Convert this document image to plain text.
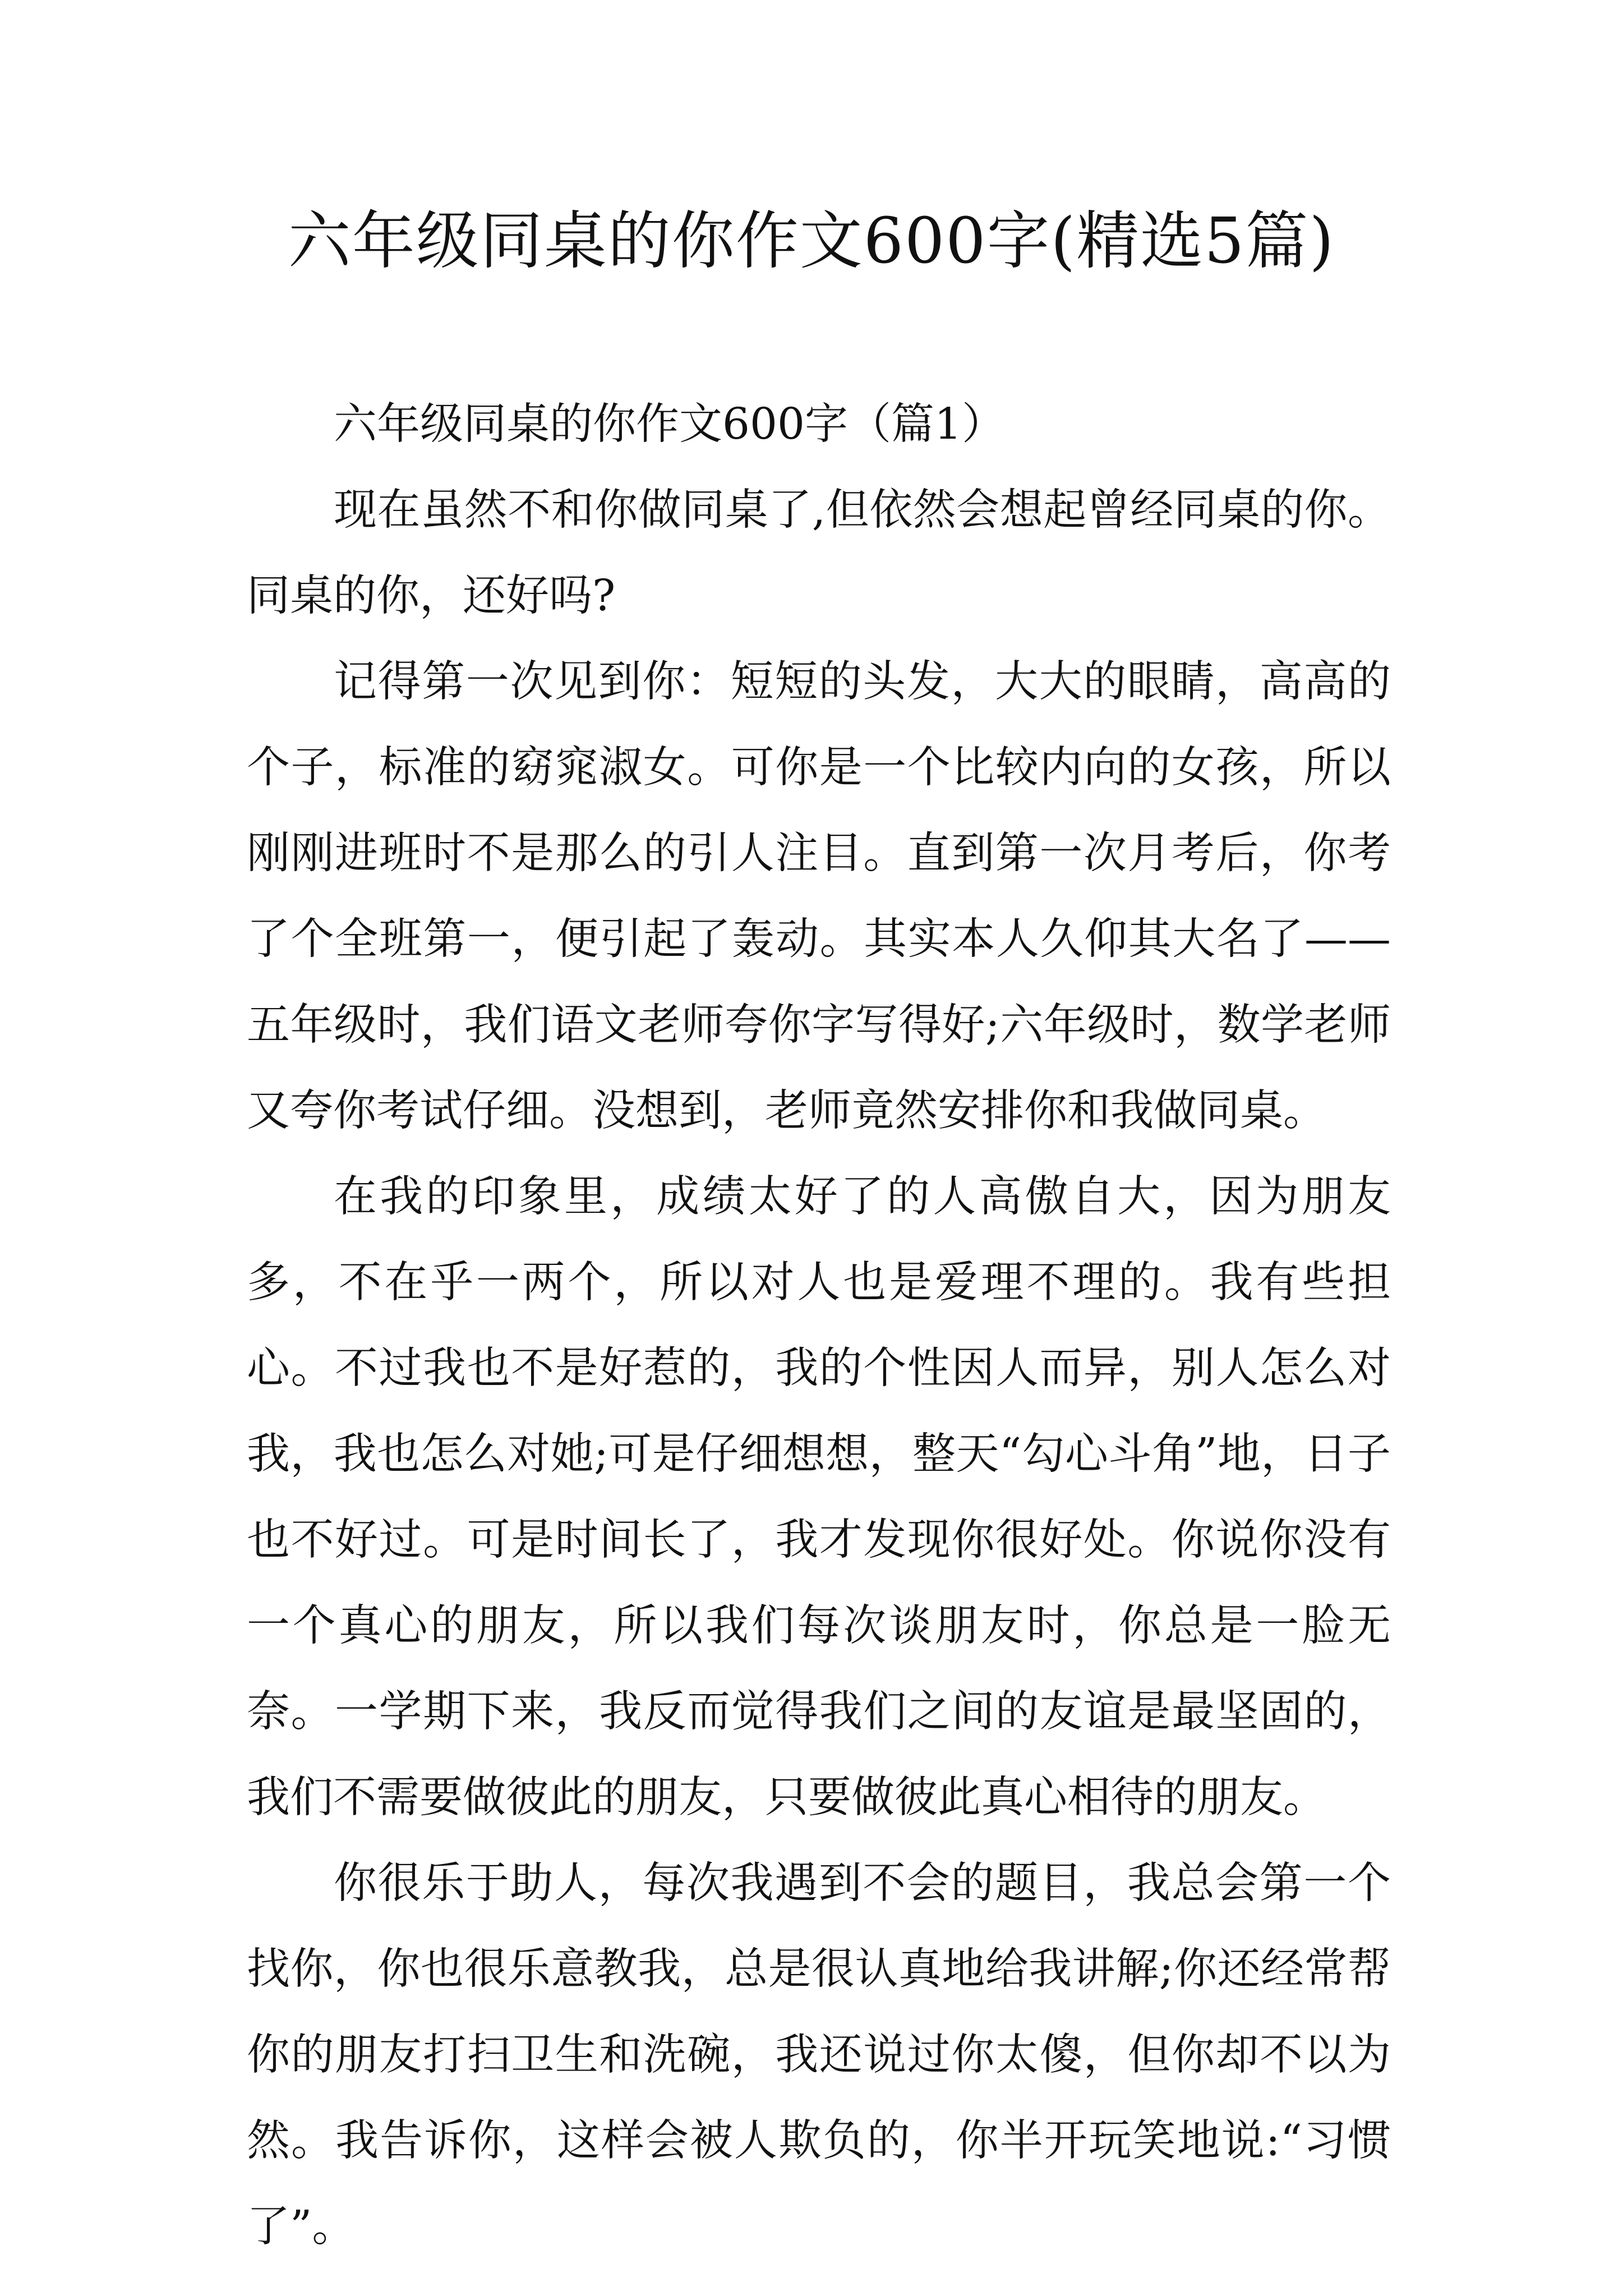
六年级同桌的你作文600字(精选5篇)

六年级同桌的你作文600字（篇1）

现在虽然不和你做同桌了,但依然会想起曾经同桌的你。同桌的你，还好吗?

记得第一次见到你：短短的头发，大大的眼睛，高高的个子，标准的窈窕淑女。可你是一个比较内向的女孩，所以刚刚进班时不是那么的引人注目。直到第一次月考后，你考了个全班第一，便引起了轰动。其实本人久仰其大名了——五年级时，我们语文老师夸你字写得好;六年级时，数学老师又夸你考试仔细。没想到，老师竟然安排你和我做同桌。

在我的印象里，成绩太好了的人高傲自大，因为朋友多，不在乎一两个，所以对人也是爱理不理的。我有些担心。不过我也不是好惹的，我的个性因人而异，别人怎么对我，我也怎么对她;可是仔细想想，整天“勾心斗角”地，日子也不好过。可是时间长了，我才发现你很好处。你说你没有一个真心的朋友，所以我们每次谈朋友时，你总是一脸无奈。一学期下来，我反而觉得我们之间的友谊是最坚固的，我们不需要做彼此的朋友，只要做彼此真心相待的朋友。

你很乐于助人，每次我遇到不会的题目，我总会第一个找你，你也很乐意教我，总是很认真地给我讲解;你还经常帮你的朋友打扫卫生和洗碗，我还说过你太傻，但你却不以为然。我告诉你，这样会被人欺负的，你半开玩笑地说:“习惯了”。
